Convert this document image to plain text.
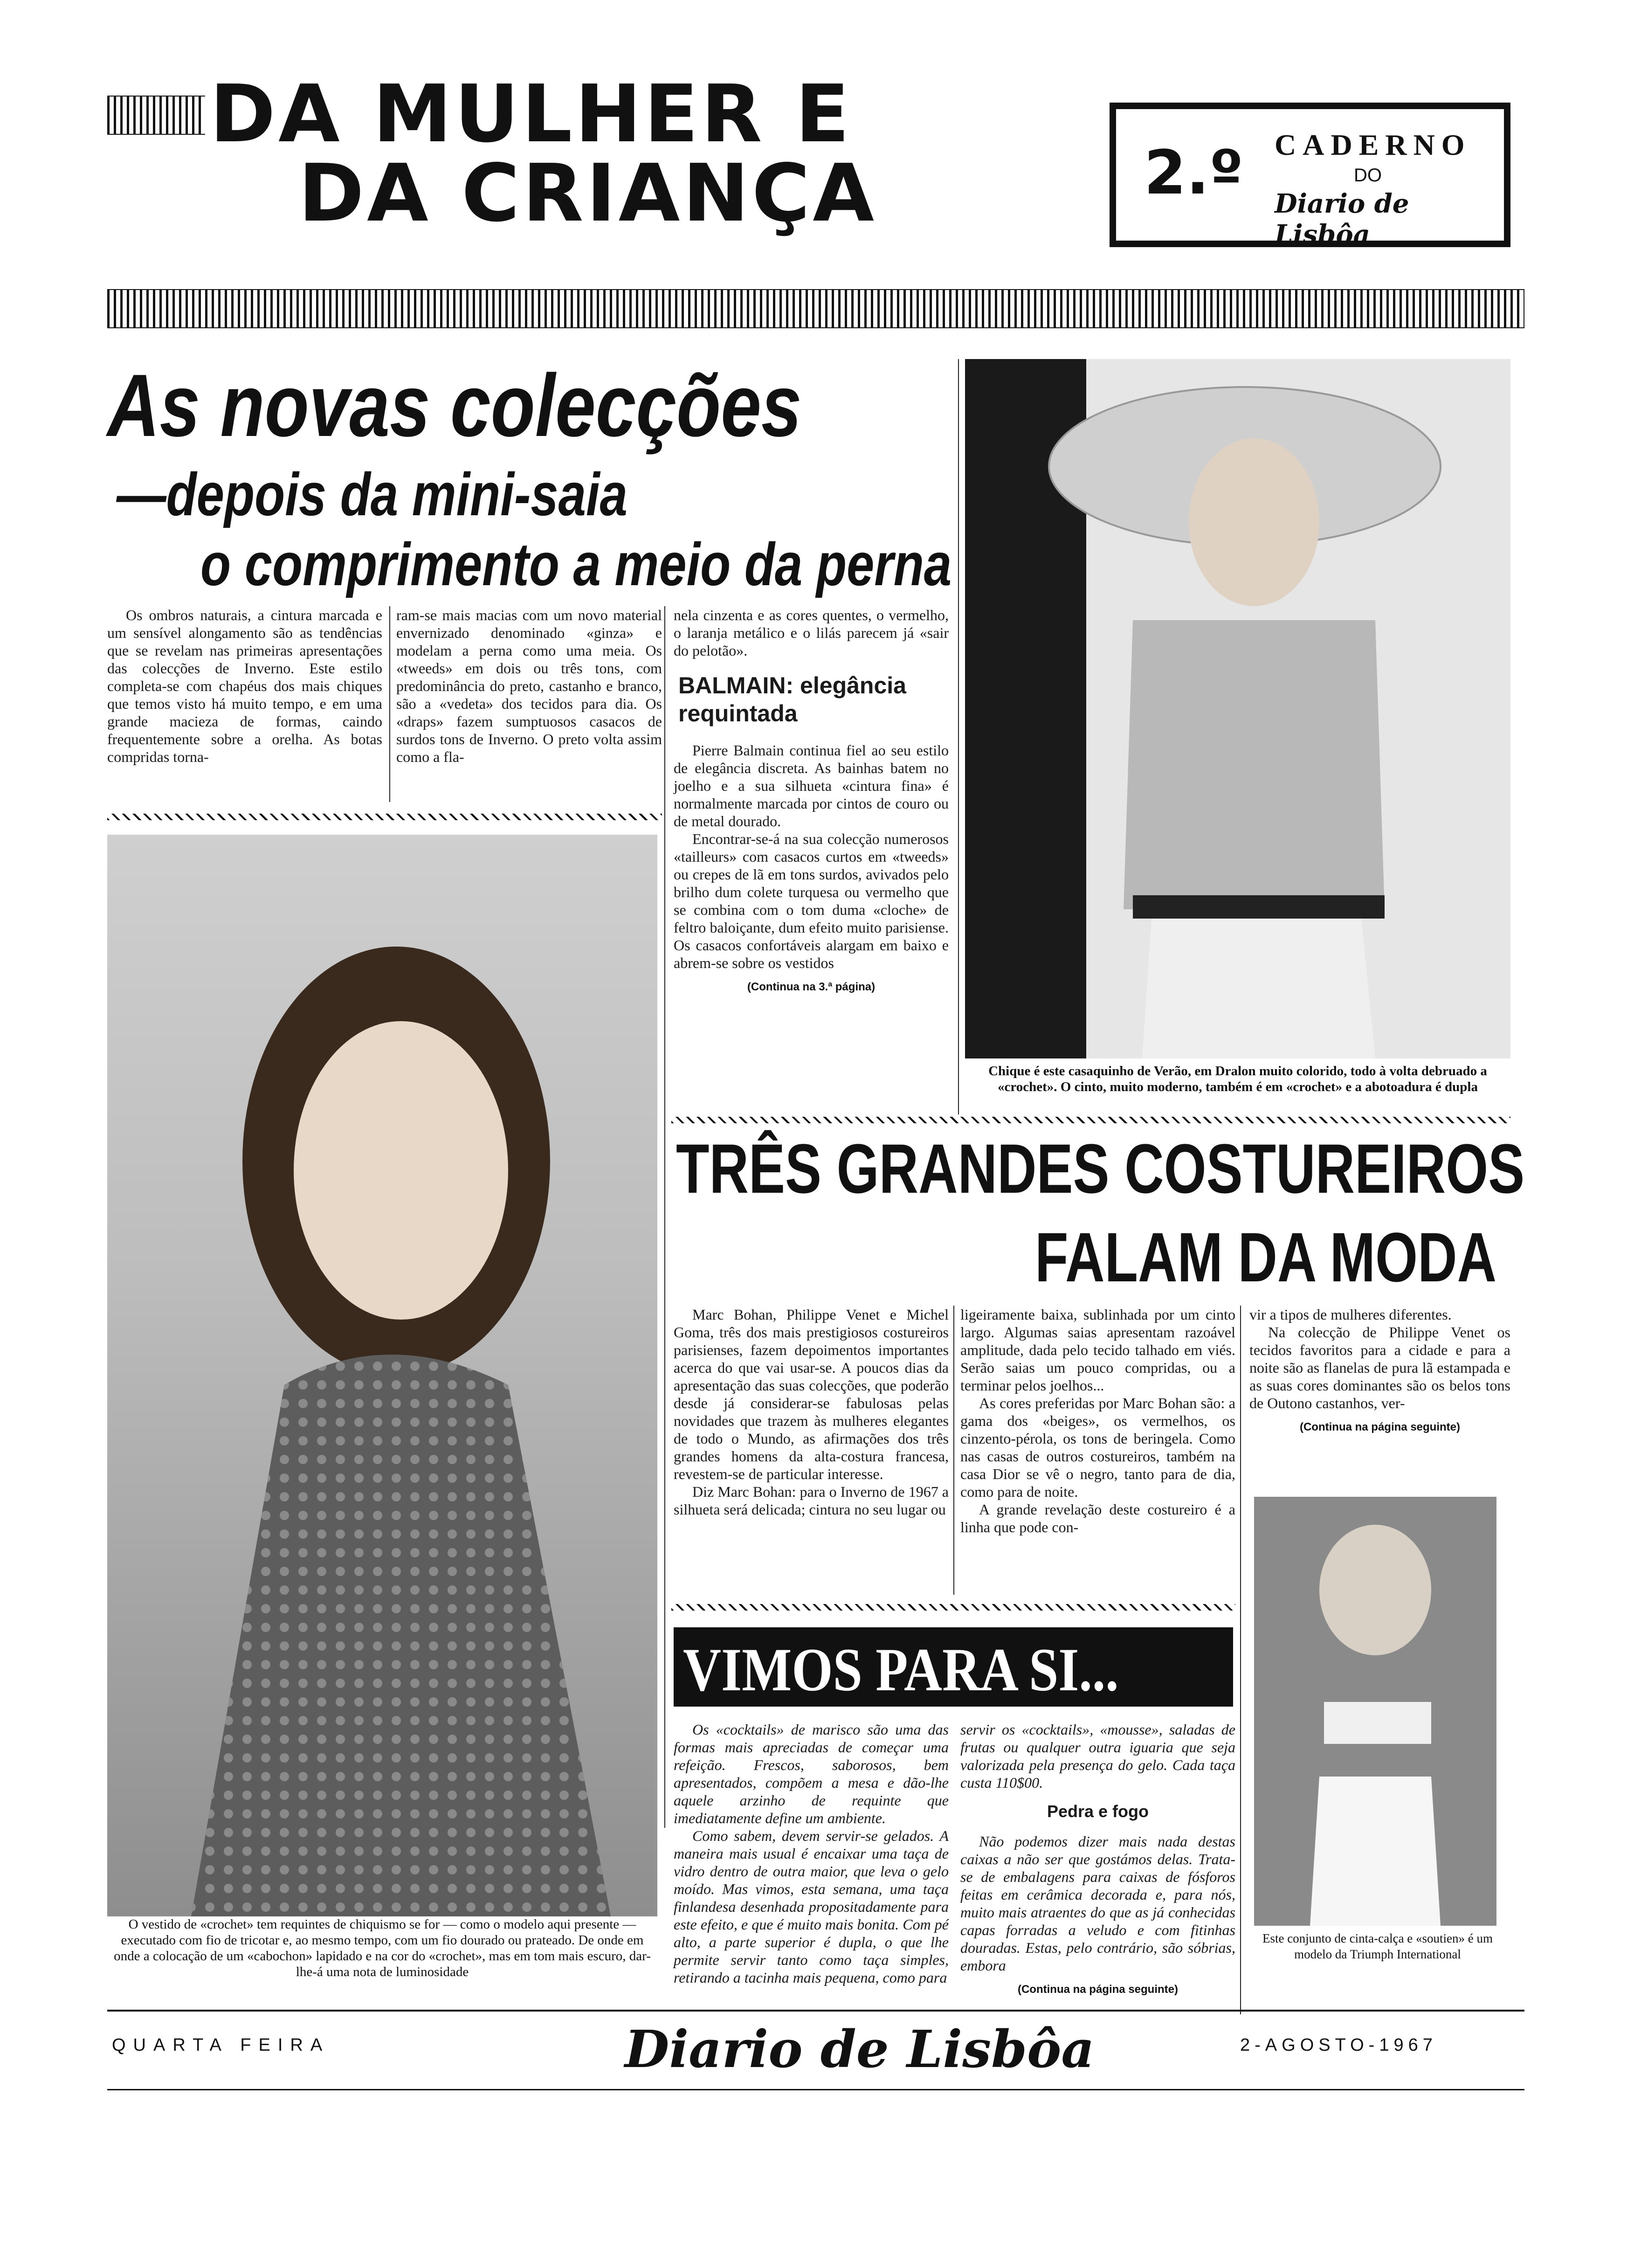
DA MULHER E
DA CRIANÇA	2.º CADERNO
DO
Diario de Lisbôa
As novas colecções
—depois da mini-saia
o comprimento a meio da perna

Os ombros naturais, a cintura marcada e um sensível alongamento são as tendências que se revelam nas primeiras apresentações das colecções de Inverno. Este estilo completa-se com chapéus dos mais chiques que temos visto há muito tempo, e em uma grande macieza de formas, caindo frequentemente sobre a orelha. As botas compridas torna-

ram-se mais macias com um novo material envernizado denominado «ginza» e modelam a perna como uma meia. Os «tweeds» em dois ou três tons, com predominância do preto, castanho e branco, são a «vedeta» dos tecidos para dia. Os «draps» fazem sumptuosos casacos de surdos tons de Inverno. O preto volta assim como a fla-

nela cinzenta e as cores quentes, o vermelho, o laranja metálico e o lilás parecem já «sair do pelotão».

BALMAIN: elegância requintada

Pierre Balmain continua fiel ao seu estilo de elegância discreta. As bainhas batem no joelho e a sua silhueta «cintura fina» é normalmente marcada por cintos de couro ou de metal dourado.

Encontrar-se-á na sua colecção numerosos «tailleurs» com casacos curtos em «tweeds» ou crepes de lã em tons surdos, avivados pelo brilho dum colete turquesa ou vermelho que se combina com o tom duma «cloche» de feltro baloiçante, dum efeito muito parisiense. Os casacos confortáveis alargam em baixo e abrem-se sobre os vestidos

(Continua na 3.ª página)
O vestido de «crochet» tem requintes de chiquismo se for — como o modelo aqui presente — executado com fio de tricotar e, ao mesmo tempo, com um fio dourado ou prateado. De onde em onde a colocação de um «cabochon» lapidado e na cor do «crochet», mas em tom mais escuro, dar-lhe-á uma nota de luminosidade
Chique é este casaquinho de Verão, em Dralon muito colorido, todo à volta debruado a «crochet». O cinto, muito moderno, também é em «crochet» e a abotoadura é dupla
TRÊS GRANDES COSTUREIROS
FALAM DA MODA

Marc Bohan, Philippe Venet e Michel Goma, três dos mais prestigiosos costureiros parisienses, fazem depoimentos importantes acerca do que vai usar-se. A poucos dias da apresentação das suas colecções, que poderão desde já considerar-se fabulosas pelas novidades que trazem às mulheres elegantes de todo o Mundo, as afirmações dos três grandes homens da alta-costura francesa, revestem-se de particular interesse.

Diz Marc Bohan: para o Inverno de 1967 a silhueta será delicada; cintura no seu lugar ou

ligeiramente baixa, sublinhada por um cinto largo. Algumas saias apresentam razoável amplitude, dada pelo tecido talhado em viés. Serão saias um pouco compridas, ou a terminar pelos joelhos...

As cores preferidas por Marc Bohan são: a gama dos «beiges», os vermelhos, os cinzento-pérola, os tons de beringela. Como nas casas de outros costureiros, também na casa Dior se vê o negro, tanto para de dia, como para de noite.

A grande revelação deste costureiro é a linha que pode con-

vir a tipos de mulheres diferentes.

Na colecção de Philippe Venet os tecidos favoritos para a cidade e para a noite são as flanelas de pura lã estampada e as suas cores dominantes são os belos tons de Outono castanhos, ver-

(Continua na página seguinte)
Este conjunto de cinta-calça e «soutien» é um modelo da Triumph International
VIMOS PARA SI...

Os «cocktails» de marisco são uma das formas mais apreciadas de começar uma refeição. Frescos, saborosos, bem apresentados, compõem a mesa e dão-lhe aquele arzinho de requinte que imediatamente define um ambiente.

Como sabem, devem servir-se gelados. A maneira mais usual é encaixar uma taça de vidro dentro de outra maior, que leva o gelo moído. Mas vimos, esta semana, uma taça finlandesa desenhada propositadamente para este efeito, e que é muito mais bonita. Com pé alto, a parte superior é dupla, o que lhe permite servir tanto como taça simples, retirando a tacinha mais pequena, como para

servir os «cocktails», «mousse», saladas de frutas ou qualquer outra iguaria que seja valorizada pela presença do gelo. Cada taça custa 110$00.

Pedra e fogo

Não podemos dizer mais nada destas caixas a não ser que gostámos delas. Trata-se de embalagens para caixas de fósforos feitas em cerâmica decorada e, para nós, muito mais atraentes do que as já conhecidas capas forradas a veludo e com fitinhas douradas. Estas, pelo contrário, são sóbrias, embora

(Continua na página seguinte)
QUARTA FEIRA	Diario de Lisbôa	2-AGOSTO-1967
